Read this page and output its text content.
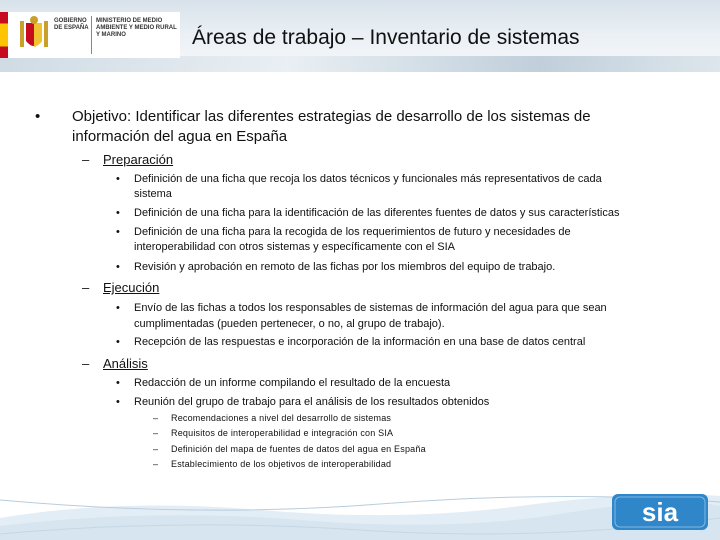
GOBIERNO DE ESPAÑA
MINISTERIO DE MEDIO AMBIENTE Y MEDIO RURAL Y MARINO	Áreas de trabajo – Inventario de sistemas
• Objetivo: Identificar las diferentes estrategias de desarrollo de los sistemas de
información del agua en España
– Preparación
• Definición de una ficha que recoja los datos técnicos y funcionales más representativos de cada
sistema
• Definición de una ficha para la identificación de las diferentes fuentes de datos y sus características
• Definición de una ficha para la recogida de los requerimientos de futuro y necesidades de
interoperabilidad con otros sistemas y específicamente con el SIA
• Revisión y aprobación en remoto de las fichas por los miembros del equipo de trabajo.
– Ejecución
• Envío de las fichas a todos los responsables de sistemas de información del agua para que sean
cumplimentadas (pueden pertenecer, o no, al grupo de trabajo).
• Recepción de las respuestas e incorporación de la información en una base de datos central
– Análisis
• Redacción de un informe compilando el resultado de la encuesta
• Reunión del grupo de trabajo para el análisis de los resultados obtenidos
– Recomendaciones a nivel del desarrollo de sistemas
– Requisitos de interoperabilidad e integración con SIA
– Definición del mapa de fuentes de datos del agua en España
– Establecimiento de los objetivos de interoperabilidad
sia
